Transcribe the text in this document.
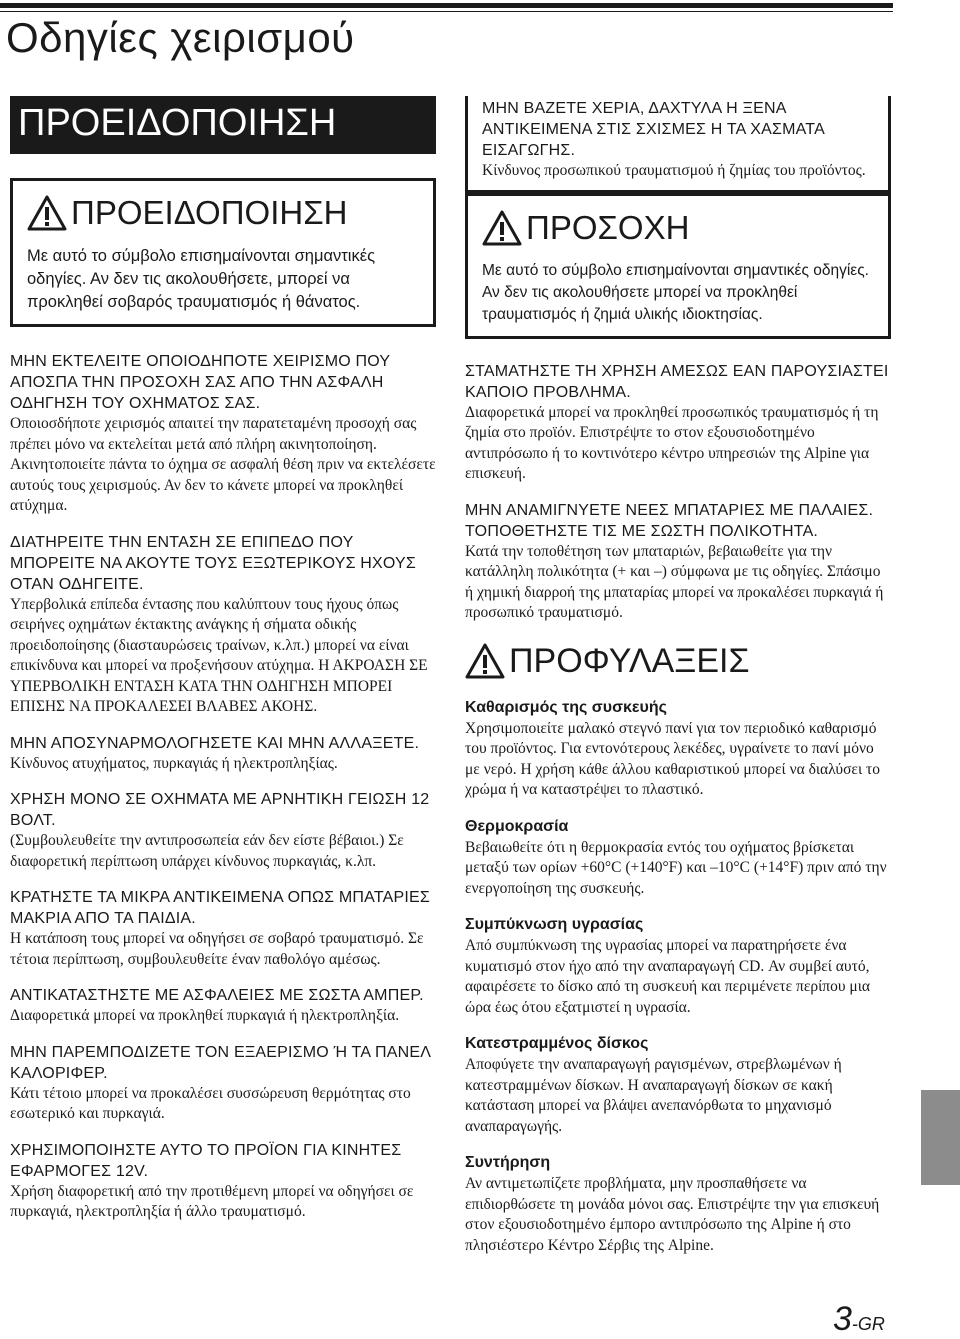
Οδηγίες χειρισμού
ΠΡΟΕΙΔΟΠΟΙΗΣΗ
ΠΡΟΕΙΔΟΠΟΙΗΣΗ

Με αυτό το σύμβολο επισημαίνονται σημαντικές οδηγίες. Αν δεν τις ακολουθήσετε, μπορεί να προκληθεί σοβαρός τραυματισμός ή θάνατος.

ΜΗΝ ΕΚΤΕΛΕΙΤΕ ΟΠΟΙΟΔΗΠΟΤΕ ΧΕΙΡΙΣΜΟ ΠΟΥ ΑΠΟΣΠΑ ΤΗΝ ΠΡΟΣΟΧΗ ΣΑΣ ΑΠΟ ΤΗΝ ΑΣΦΑΛΗ ΟΔΗΓΗΣΗ ΤΟΥ ΟΧΗΜΑΤΟΣ ΣΑΣ.

Οποιοσδήποτε χειρισμός απαιτεί την παρατεταμένη προσοχή σας πρέπει μόνο να εκτελείται μετά από πλήρη ακινητοποίηση. Ακινητοποιείτε πάντα το όχημα σε ασφαλή θέση πριν να εκτελέσετε αυτούς τους χειρισμούς. Αν δεν το κάνετε μπορεί να προκληθεί ατύχημα.

ΔΙΑΤΗΡΕΙΤΕ ΤΗΝ ΕΝΤΑΣΗ ΣΕ ΕΠΙΠΕΔΟ ΠΟΥ ΜΠΟΡΕΙΤΕ ΝΑ ΑΚΟΥΤΕ ΤΟΥΣ ΕΞΩΤΕΡΙΚΟΥΣ ΗΧΟΥΣ ΟΤΑΝ ΟΔΗΓΕΙΤΕ.

Υπερβολικά επίπεδα έντασης που καλύπτουν τους ήχους όπως σειρήνες οχημάτων έκτακτης ανάγκης ή σήματα οδικής προειδοποίησης (διασταυρώσεις τραίνων, κ.λπ.) μπορεί να είναι επικίνδυνα και μπορεί να προξενήσουν ατύχημα. Η ΑΚΡΟΑΣΗ ΣΕ ΥΠΕΡΒΟΛΙΚΗ ΕΝΤΑΣΗ ΚΑΤΑ ΤΗΝ ΟΔΗΓΗΣΗ ΜΠΟΡΕΙ ΕΠΙΣΗΣ ΝΑ ΠΡΟΚΑΛΕΣΕΙ ΒΛΑΒΕΣ ΑΚΟΗΣ.

ΜΗΝ ΑΠΟΣΥΝΑΡΜΟΛΟΓΗΣΕΤΕ ΚΑΙ ΜΗΝ ΑΛΛΑΞΕΤΕ.

Κίνδυνος ατυχήματος, πυρκαγιάς ή ηλεκτροπληξίας.

ΧΡΗΣΗ ΜΟΝΟ ΣΕ ΟΧΗΜΑΤΑ ΜΕ ΑΡΝΗΤΙΚΗ ΓΕΙΩΣΗ 12 ΒΟΛΤ.

(Συμβουλευθείτε την αντιπροσωπεία εάν δεν είστε βέβαιοι.) Σε διαφορετική περίπτωση υπάρχει κίνδυνος πυρκαγιάς, κ.λπ.

ΚΡΑΤΗΣΤΕ ΤΑ ΜΙΚΡΑ ΑΝΤΙΚΕΙΜΕΝΑ ΟΠΩΣ ΜΠΑΤΑΡΙΕΣ ΜΑΚΡΙΑ ΑΠΟ ΤΑ ΠΑΙΔΙΑ.

Η κατάποση τους μπορεί να οδηγήσει σε σοβαρό τραυματισμό. Σε τέτοια περίπτωση, συμβουλευθείτε έναν παθολόγο αμέσως.

ΑΝΤΙΚΑΤΑΣΤΗΣΤΕ ΜΕ ΑΣΦΑΛΕΙΕΣ ΜΕ ΣΩΣΤΑ ΑΜΠΕΡ.

Διαφορετικά μπορεί να προκληθεί πυρκαγιά ή ηλεκτροπληξία.

ΜΗΝ ΠΑΡΕΜΠΟΔΙΖΕΤΕ ΤΟΝ ΕΞΑΕΡΙΣΜΟ Ή ΤΑ ΠΑΝΕΛ ΚΑΛΟΡΙΦΕΡ.

Κάτι τέτοιο μπορεί να προκαλέσει συσσώρευση θερμότητας στο εσωτερικό και πυρκαγιά.

ΧΡΗΣΙΜΟΠΟΙΗΣΤΕ ΑΥΤΟ ΤΟ ΠΡΟΪΟΝ ΓΙΑ ΚΙΝΗΤΕΣ ΕΦΑΡΜΟΓΕΣ 12V.

Χρήση διαφορετική από την προτιθέμενη μπορεί να οδηγήσει σε πυρκαγιά, ηλεκτροπληξία ή άλλο τραυματισμό.

ΜΗΝ ΒΑΖΕΤΕ ΧΕΡΙΑ, ΔΑΧΤΥΛΑ Η ΞΕΝΑ ΑΝΤΙΚΕΙΜΕΝΑ ΣΤΙΣ ΣΧΙΣΜΕΣ Η ΤΑ ΧΑΣΜΑΤΑ ΕΙΣΑΓΩΓΗΣ.

Κίνδυνος προσωπικού τραυματισμού ή ζημίας του προϊόντος.

ΠΡΟΣΟΧΗ

Με αυτό το σύμβολο επισημαίνονται σημαντικές οδηγίες. Αν δεν τις ακολουθήσετε μπορεί να προκληθεί τραυματισμός ή ζημιά υλικής ιδιοκτησίας.

ΣΤΑΜΑΤΗΣΤΕ ΤΗ ΧΡΗΣΗ ΑΜΕΣΩΣ ΕΑΝ ΠΑΡΟΥΣΙΑΣΤΕΙ ΚΑΠΟΙΟ ΠΡΟΒΛΗΜΑ.

Διαφορετικά μπορεί να προκληθεί προσωπικός τραυματισμός ή τη ζημία στο προϊόν. Επιστρέψτε το στον εξουσιοδοτημένο αντιπρόσωπο ή το κοντινότερο κέντρο υπηρεσιών της Alpine για επισκευή.

ΜΗΝ ΑΝΑΜΙΓΝΥΕΤΕ ΝΕΕΣ ΜΠΑΤΑΡΙΕΣ ΜΕ ΠΑΛΑΙΕΣ. ΤΟΠΟΘΕΤΗΣΤΕ ΤΙΣ ΜΕ ΣΩΣΤΗ ΠΟΛΙΚΟΤΗΤΑ.

Κατά την τοποθέτηση των μπαταριών, βεβαιωθείτε για την κατάλληλη πολικότητα (+ και –) σύμφωνα με τις οδηγίες. Σπάσιμο ή χημική διαρροή της μπαταρίας μπορεί να προκαλέσει πυρκαγιά ή προσωπικό τραυματισμό.

ΠΡΟΦΥΛΑΞΕΙΣ
Καθαρισμός της συσκευής

Χρησιμοποιείτε μαλακό στεγνό πανί για τον περιοδικό καθαρισμό του προϊόντος. Για εντονότερους λεκέδες, υγραίνετε το πανί μόνο με νερό. Η χρήση κάθε άλλου καθαριστικού μπορεί να διαλύσει το χρώμα ή να καταστρέψει το πλαστικό.

Θερμοκρασία

Βεβαιωθείτε ότι η θερμοκρασία εντός του οχήματος βρίσκεται μεταξύ των ορίων +60°C (+140°F) και –10°C (+14°F) πριν από την ενεργοποίηση της συσκευής.

Συμπύκνωση υγρασίας

Από συμπύκνωση της υγρασίας μπορεί να παρατηρήσετε ένα κυματισμό στον ήχο από την αναπαραγωγή CD. Αν συμβεί αυτό, αφαιρέσετε το δίσκο από τη συσκευή και περιμένετε περίπου μια ώρα έως ότου εξατμιστεί η υγρασία.

Κατεστραμμένος δίσκος

Αποφύγετε την αναπαραγωγή ραγισμένων, στρεβλωμένων ή κατεστραμμένων δίσκων. Η αναπαραγωγή δίσκων σε κακή κατάσταση μπορεί να βλάψει ανεπανόρθωτα το μηχανισμό αναπαραγωγής.

Συντήρηση

Αν αντιμετωπίζετε προβλήματα, μην προσπαθήσετε να επιδιορθώσετε τη μονάδα μόνοι σας. Επιστρέψτε την για επισκευή στον εξουσιοδοτημένο έμπορο αντιπρόσωπο της Alpine ή στο πλησιέστερο Κέντρο Σέρβις της Alpine.

3-GR
